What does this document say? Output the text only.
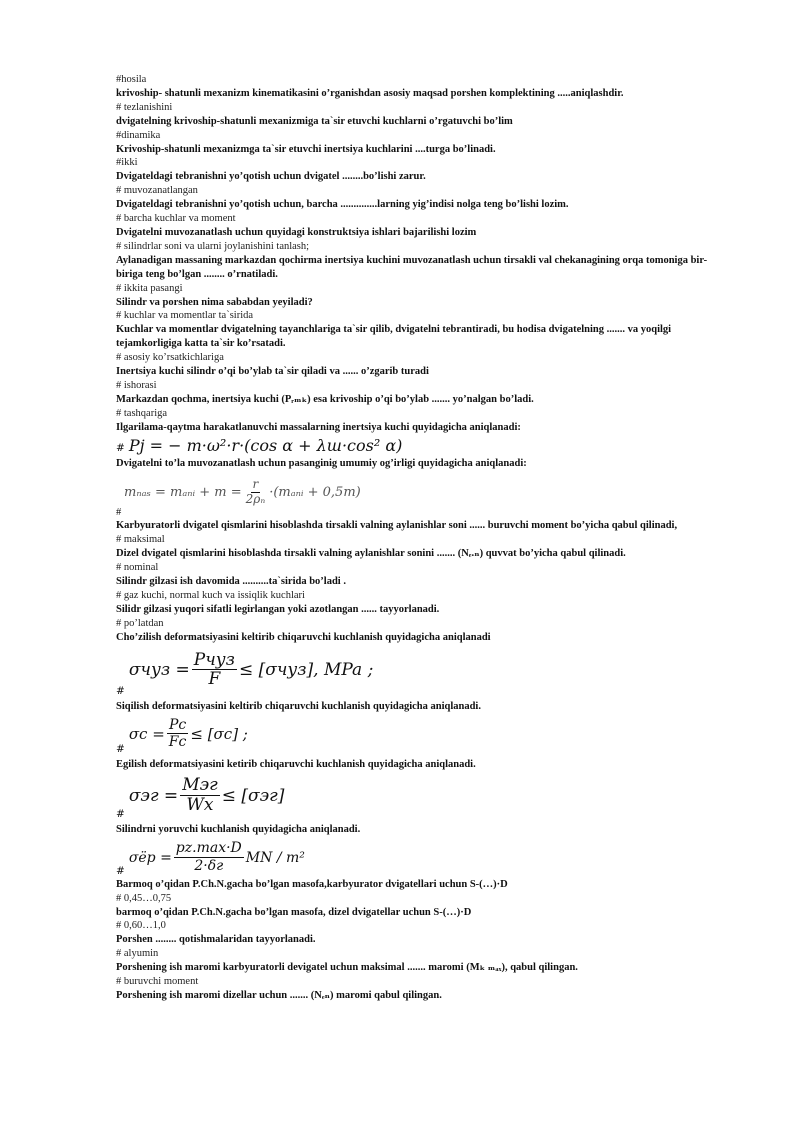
#hosila
krivoship- shatunli mexanizm kinematikasini o’rganishdan asosiy maqsad porshen komplektining .....aniqlashdir.
# tezlanishini
dvigatelning krivoship-shatunli mexanizmiga ta`sir etuvchi kuchlarni o’rgatuvchi bo’lim
#dinamika
Krivoship-shatunli mexanizmga ta`sir etuvchi inertsiya kuchlarini ....turga bo’linadi.
#ikki
Dvigateldagi tebranishni yo’qotish uchun dvigatel ........bo’lishi zarur.
# muvozanatlangan
Dvigateldagi tebranishni yo’qotish uchun, barcha ..............larning yig’indisi nolga teng bo’lishi lozim.
# barcha kuchlar va moment
Dvigatelni muvozanatlash uchun quyidagi konstruktsiya ishlari bajarilishi lozim
# silindrlar soni va ularni joylanishini tanlash;
Aylanadigan massaning markazdan qochirma inertsiya kuchini muvozanatlash uchun tirsakli val chekanagining orqa tomoniga bir-biriga teng bo’lgan ........ o’rnatiladi.
# ikkita pasangi
Silindr va porshen nima sababdan yeyiladi?
# kuchlar va momentlar ta`sirida
Kuchlar va momentlar dvigatelning tayanchlariga ta`sir qilib, dvigatelni tebrantiradi, bu hodisa dvigatelning ....... va yoqilgi tejamkorligiga katta ta`sir ko’rsatadi.
# asosiy ko’rsatkichlariga
Inertsiya kuchi silindr o’qi bo’ylab ta`sir qiladi va ...... o’zgarib turadi
# ishorasi
Markazdan qochma, inertsiya kuchi (Pᵣₘₖ) esa krivoship o’qi bo’ylab ....... yo’nalgan bo’ladi.
# tashqariga
Ilgarilama-qaytma harakatlanuvchi massalarning inertsiya kuchi quyidagicha aniqlanadi:
# Pj = − m·ω²·r·(cos α + λш·cos² α)
Dvigatelni to’la muvozanatlash uchun pasanginig umumiy og’irligi quyidagicha aniqlanadi:
mₙₐₛ = mₐₙᵢ + $m = \frac{r}{\text{2ρₙ}}$ ·(mₐₙᵢ + 0,5m)
#
Karbyuratorli dvigatel qismlarini hisoblashda tirsakli valning aylanishlar soni ...... buruvchi moment bo’yicha qabul qilinadi,
# maksimal
Dizel dvigatel qismlarini hisoblashda tirsakli valning aylanishlar sonini ....... (Nₑ.ₙ) quvvat bo’yicha qabul qilinadi.
# nominal
Silindr gilzasi ish davomida ..........ta`sirida bo’ladi .
# gaz kuchi, normal kuch va issiqlik kuchlari
Silidr gilzasi yuqori sifatli legirlangan yoki azotlangan ...... tayyorlanadi.
# po’latdan
Cho’zilish deformatsiyasini keltirib chiqaruvchi kuchlanish quyidagicha aniqlanadi
#
$\sigma чуз = \frac{\text{Pчуз}}{F} \le [\sigma чуз]$, MPa ;
Siqilish deformatsiyasini keltirib chiqaruvchi kuchlanish quyidagicha aniqlanadi.
#
$\sigma c = \frac{Pc}{Fc} \le [\sigma c]$ ;
Egilish deformatsiyasini ketirib chiqaruvchi kuchlanish quyidagicha aniqlanadi.
#
$\sigma эг = \frac{\text{Мэг}}{Wx} \le [\sigma эг]$
Silindrni yoruvchi kuchlanish quyidagicha aniqlanadi.
#
$\sigma ёр = \frac{pz.\max\cdot D}{2\cdot\delta г}$ MN / m²
Barmoq o’qidan P.Ch.N.gacha bo’lgan masofa,karbyurator dvigatellari uchun S-(…)·D
# 0,45…0,75
barmoq o’qidan P.Ch.N.gacha bo’lgan masofa, dizel dvigatellar uchun S-(…)·D
# 0,60…1,0
Porshen ........ qotishmalaridan tayyorlanadi.
# alyumin
Porshening ish maromi karbyuratorli devigatel uchun maksimal ....... maromi (Mₖ ₘₐₓ), qabul qilingan.
# buruvchi moment
Porshening ish maromi dizellar uchun ....... (Nₑₙ) maromi qabul qilingan.
